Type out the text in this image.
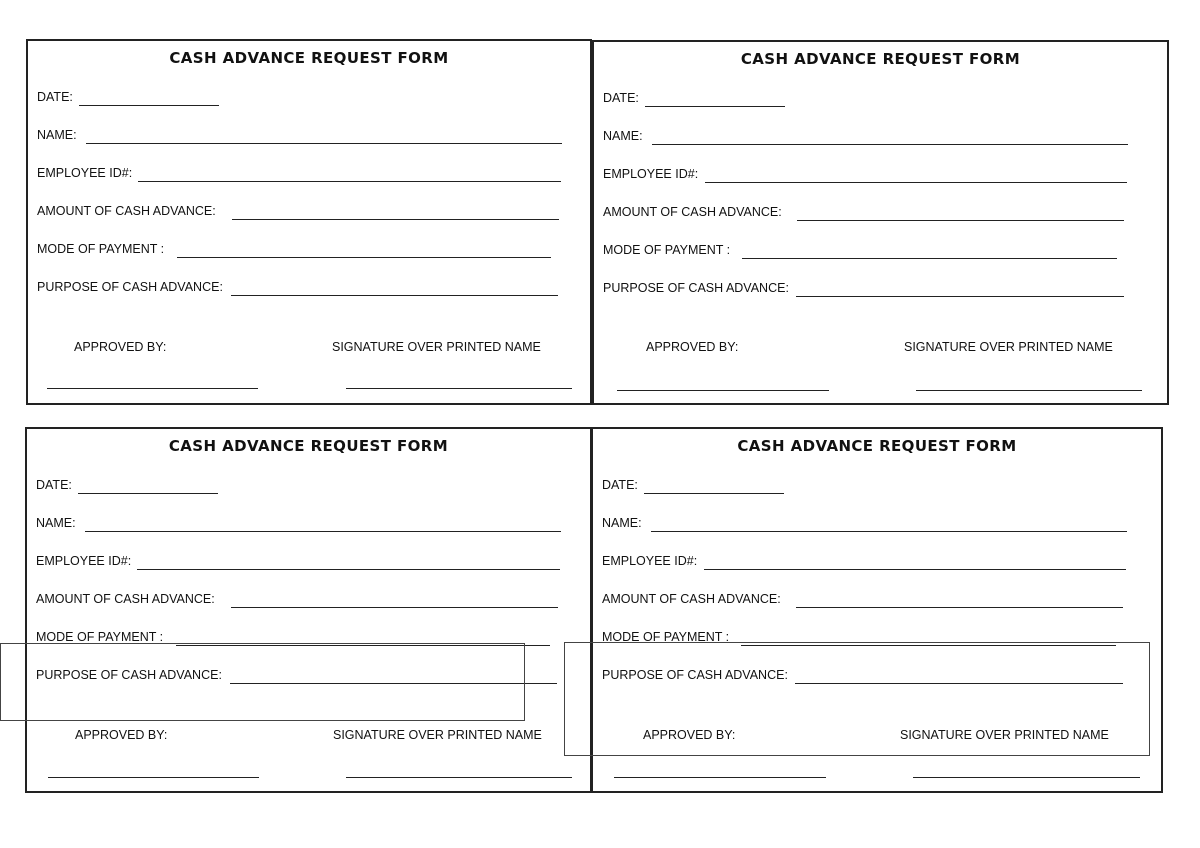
CASH ADVANCE REQUEST FORM
DATE:
NAME:
EMPLOYEE ID#:
AMOUNT OF CASH ADVANCE:
MODE OF PAYMENT :
PURPOSE OF CASH ADVANCE:
APPROVED BY:	SIGNATURE OVER PRINTED NAME
CASH ADVANCE REQUEST FORM
DATE:
NAME:
EMPLOYEE ID#:
AMOUNT OF CASH ADVANCE:
MODE OF PAYMENT :
PURPOSE OF CASH ADVANCE:
APPROVED BY:	SIGNATURE OVER PRINTED NAME
CASH ADVANCE REQUEST FORM
DATE:
NAME:
EMPLOYEE ID#:
AMOUNT OF CASH ADVANCE:
MODE OF PAYMENT :
PURPOSE OF CASH ADVANCE:
APPROVED BY:	SIGNATURE OVER PRINTED NAME
CASH ADVANCE REQUEST FORM
DATE:
NAME:
EMPLOYEE ID#:
AMOUNT OF CASH ADVANCE:
MODE OF PAYMENT :
PURPOSE OF CASH ADVANCE:
APPROVED BY:	SIGNATURE OVER PRINTED NAME
